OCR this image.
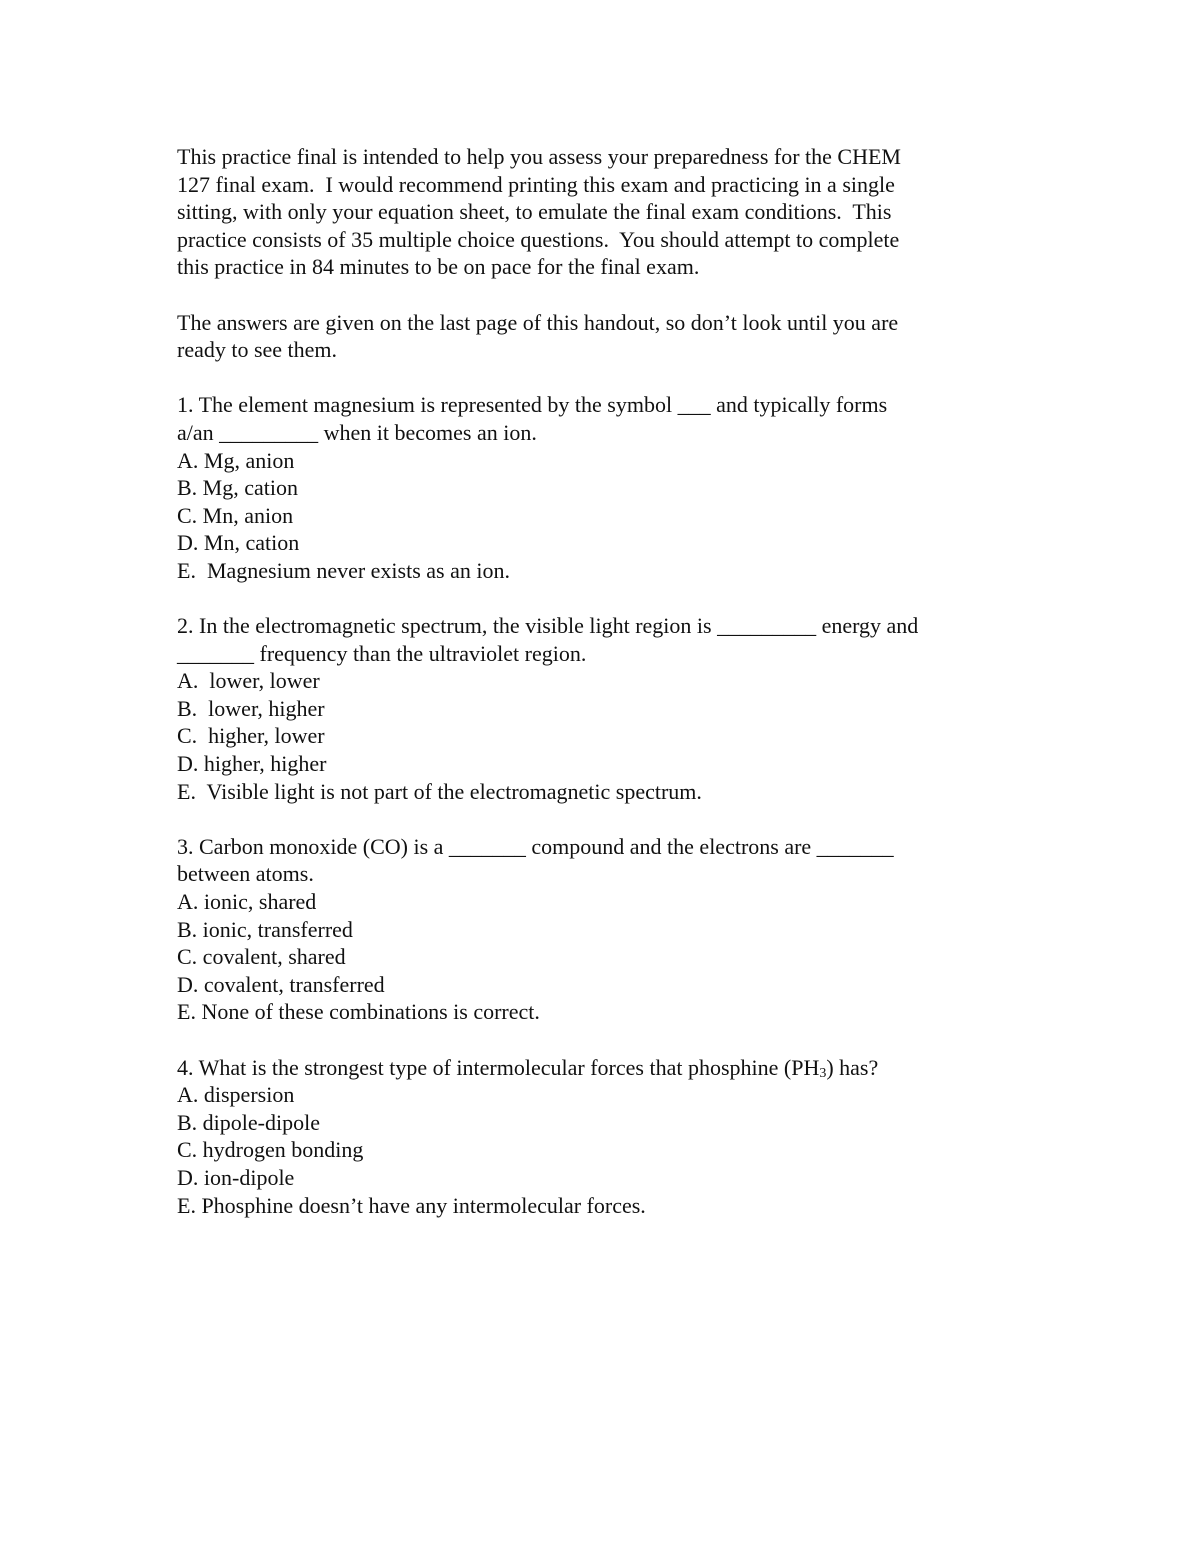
This practice final is intended to help you assess your preparedness for the CHEM
127 final exam.  I would recommend printing this exam and practicing in a single
sitting, with only your equation sheet, to emulate the final exam conditions.  This
practice consists of 35 multiple choice questions.  You should attempt to complete
this practice in 84 minutes to be on pace for the final exam.

The answers are given on the last page of this handout, so don’t look until you are
ready to see them.

1. The element magnesium is represented by the symbol ___ and typically forms
a/an _________ when it becomes an ion.
A. Mg, anion
B. Mg, cation
C. Mn, anion
D. Mn, cation
E.  Magnesium never exists as an ion.
2. In the electromagnetic spectrum, the visible light region is _________ energy and
_______ frequency than the ultraviolet region.
A.  lower, lower
B.  lower, higher
C.  higher, lower
D. higher, higher
E.  Visible light is not part of the electromagnetic spectrum.
3. Carbon monoxide (CO) is a _______ compound and the electrons are _______
between atoms.
A. ionic, shared
B. ionic, transferred
C. covalent, shared
D. covalent, transferred
E. None of these combinations is correct.
4. What is the strongest type of intermolecular forces that phosphine $(PH_3)$ has?
A. dispersion
B. dipole-dipole
C. hydrogen bonding
D. ion-dipole
E. Phosphine doesn’t have any intermolecular forces.
